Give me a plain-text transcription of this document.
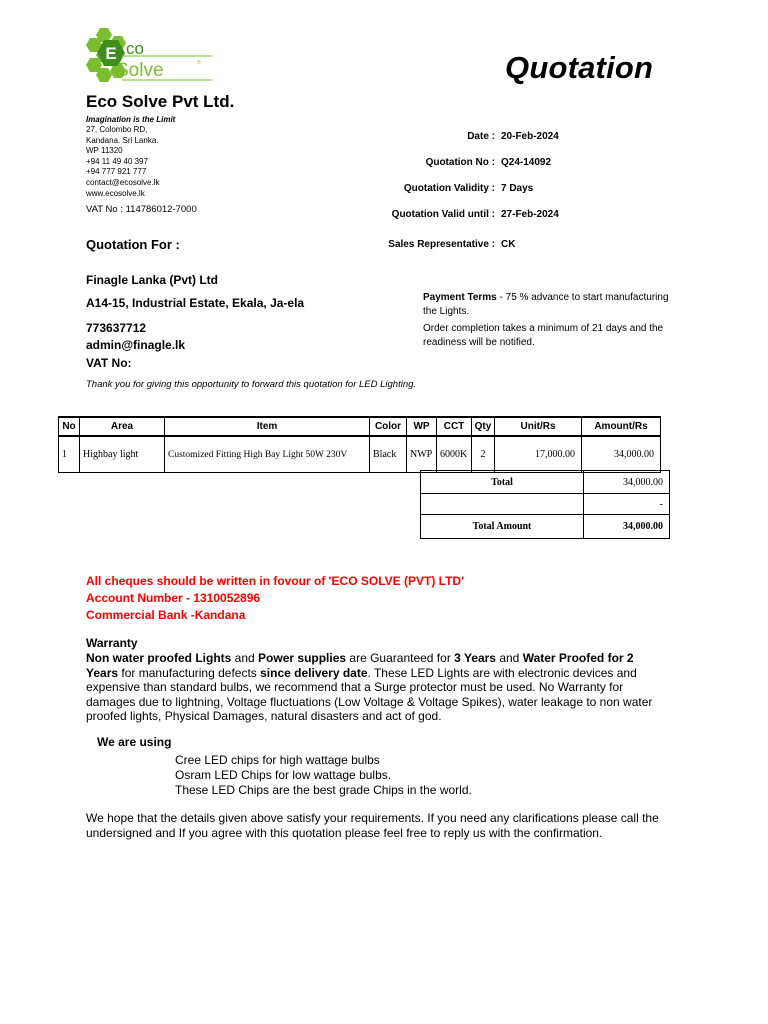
E co
Solve	®	Quotation
Eco Solve Pvt Ltd.
Imagination is the Limit
27, Colombo RD,
Kandana. Sri Lanka.
WP 11320
+94 11 49 40 397
+94 777 921 777
contact@ecosolve.lk
www.ecosolve.lk
VAT No : 114786012-7000
Date : 20-Feb-2024
Quotation No : Q24-14092
Quotation Validity : 7 Days
Quotation Valid until : 27-Feb-2024
Sales Representative : CK
Quotation For :
Finagle Lanka (Pvt) Ltd
A14-15, Industrial Estate, Ekala, Ja-ela
773637712
admin@finagle.lk
VAT No:
Payment Terms - 75 % advance to start manufacturing the Lights.
Order completion takes a minimum of 21 days and the readiness will be notified.
Thank you for giving this opportunity to forward this quotation for LED Lighting.
No	Area	Item	Color	WP	CCT	Qty	Unit/Rs	Amount/Rs
1	Highbay light	Customized Fitting High Bay Light 50W 230V	Black	NWP	6000K	2	17,000.00	34,000.00
Total	34,000.00
	-
Total Amount	34,000.00
All cheques should be written in fovour of 'ECO SOLVE (PVT) LTD'
Account Number - 1310052896
Commercial Bank -Kandana
Warranty
Non water proofed Lights and Power supplies are Guaranteed for 3 Years and Water Proofed for 2 Years for manufacturing defects since delivery date. These LED Lights are with electronic devices and expensive than standard bulbs, we recommend that a Surge protector must be used. No Warranty for damages due to lightning, Voltage fluctuations (Low Voltage & Voltage Spikes), water leakage to non water proofed lights, Physical Damages, natural disasters and act of god.
We are using
Cree LED chips for high wattage bulbs
Osram LED Chips for low wattage bulbs.
These LED Chips are the best grade Chips in the world.
We hope that the details given above satisfy your requirements. If you need any clarifications please call the undersigned and If you agree with this quotation please feel free to reply us with the confirmation.
